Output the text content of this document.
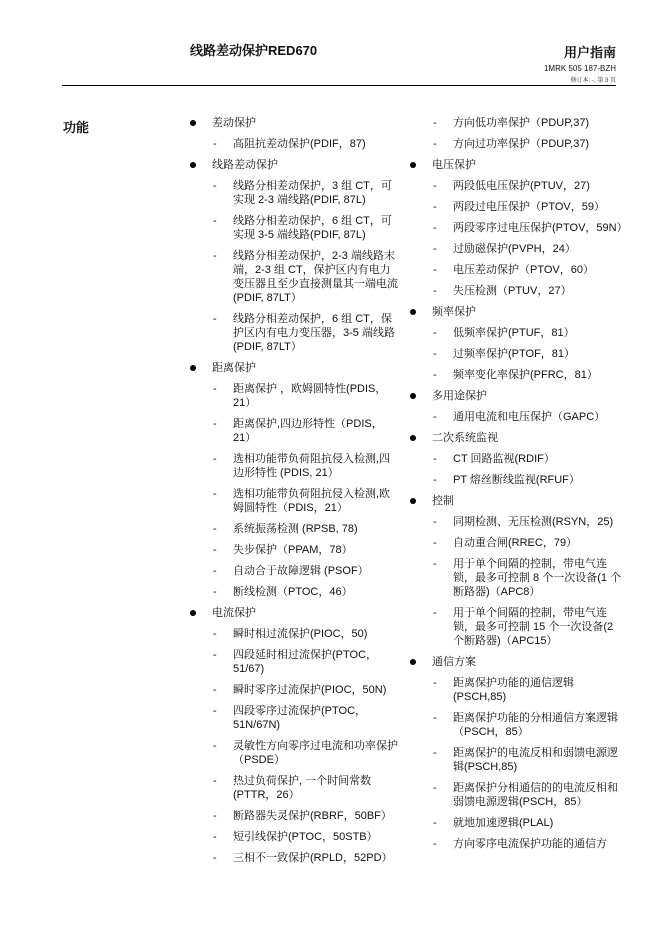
线路差动保护RED670	用户指南
1MRK 505 187-BZH
修订本: -, 第 3 页
功能	差动保护
- 高阻抗差动保护(PDIF，87)
线路差动保护
- 线路分相差动保护，3 组 CT，可实现 2-3 端线路(PDIF, 87L)
- 线路分相差动保护，6 组 CT，可实现 3-5 端线路(PDIF, 87L)
- 线路分相差动保护，2-3 端线路末端，2-3 组 CT，保护区内有电力变压器且至少直接测量其一端电流(PDIF, 87LT）
- 线路分相差动保护，6 组 CT，保护区内有电力变压器，3-5 端线路(PDIF, 87LT）
距离保护
- 距离保护 ，欧姆圆特性(PDIS，21）
- 距离保护,四边形特性（PDIS，21）
- 选相功能带负荷阻抗侵入检测,四边形特性 (PDIS, 21）
- 选相功能带负荷阻抗侵入检测,欧姆圆特性（PDIS，21）
- 系统振荡检测 (RPSB, 78)
- 失步保护（PPAM，78）
- 自动合于故障逻辑 (PSOF）
- 断线检测（PTOC，46）
电流保护
- 瞬时相过流保护(PIOC，50)
- 四段延时相过流保护(PTOC，51/67)
- 瞬时零序过流保护(PIOC，50N)
- 四段零序过流保护(PTOC，51N/67N)
- 灵敏性方向零序过电流和功率保护（PSDE）
- 热过负荷保护, 一个时间常数(PTTR，26）
- 断路器失灵保护(RBRF，50BF）
- 短引线保护(PTOC，50STB）
- 三相不一致保护(RPLD，52PD）
- 方向低功率保护（PDUP,37)
- 方向过功率保护（PDUP,37)
电压保护
- 两段低电压保护(PTUV，27)
- 两段过电压保护（PTOV，59）
- 两段零序过电压保护(PTOV，59N）
- 过励磁保护(PVPH，24）
- 电压差动保护（PTOV，60）
- 失压检测（PTUV，27）
频率保护
- 低频率保护(PTUF，81）
- 过频率保护(PTOF，81）
- 频率变化率保护(PFRC，81）
多用途保护
- 通用电流和电压保护（GAPC）
二次系统监视
- CT 回路监视(RDIF）
- PT 熔丝断线监视(RFUF）
控制
- 同期检测、无压检测(RSYN，25)
- 自动重合闸(RREC，79）
- 用于单个间隔的控制，带电气连锁，最多可控制 8 个一次设备(1 个断路器)（APC8）
- 用于单个间隔的控制，带电气连锁，最多可控制 15 个一次设备(2 个断路器)（APC15）
通信方案
- 距离保护功能的通信逻辑(PSCH,85)
- 距离保护功能的分相通信方案逻辑（PSCH，85）
- 距离保护的电流反相和弱馈电源逻辑(PSCH,85)
- 距离保护分相通信的的电流反相和弱馈电源逻辑(PSCH，85）
- 就地加速逻辑(PLAL)
- 方向零序电流保护功能的通信方
